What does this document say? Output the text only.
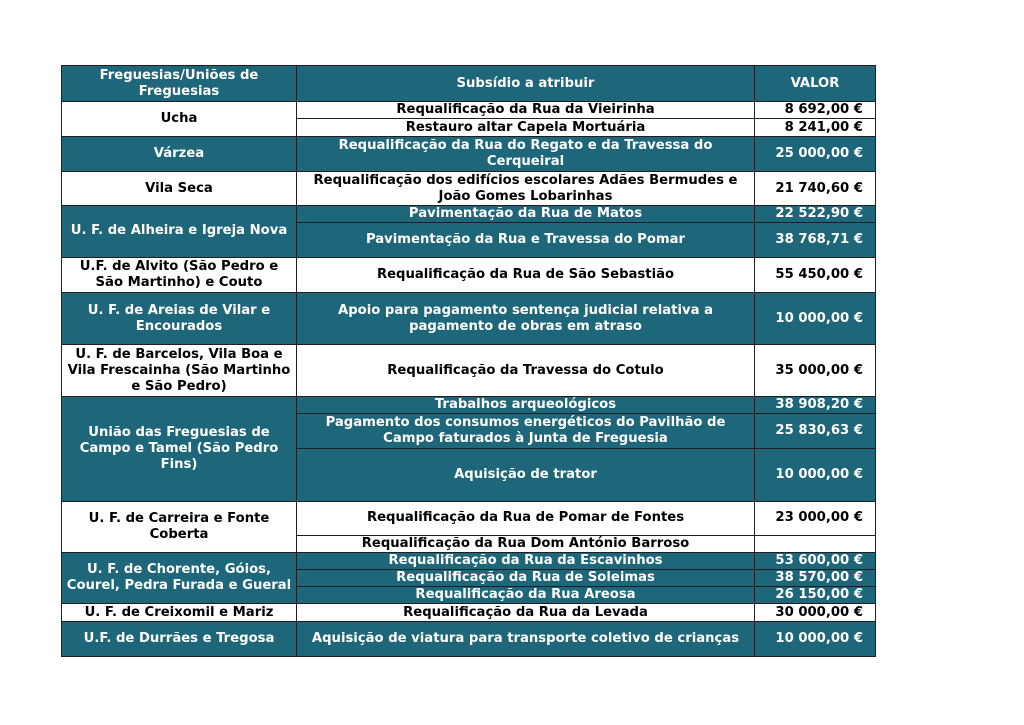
Freguesias/Uniões de Freguesias	Subsídio a atribuir	VALOR
Ucha	Requalificação da Rua da Vieirinha	8 692,00 €
	Restauro altar Capela Mortuária	8 241,00 €
Várzea	Requalificação da Rua do Regato e da Travessa do Cerqueiral	25 000,00 €
Vila Seca	Requalificação dos edifícios escolares Adães Bermudes e João Gomes Lobarinhas	21 740,60 €
U. F. de Alheira e Igreja Nova	Pavimentação da Rua de Matos	22 522,90 €
	Pavimentação da Rua e Travessa do Pomar	38 768,71 €
U.F. de Alvito (São Pedro e São Martinho) e Couto	Requalificação da Rua de São Sebastião	55 450,00 €
U. F. de Areias de Vilar e Encourados	Apoio para pagamento sentença judicial relativa a pagamento de obras em atraso	10 000,00 €
U. F. de Barcelos, Vila Boa e Vila Frescainha (São Martinho e São Pedro)	Requalificação da Travessa do Cotulo	35 000,00 €
União das Freguesias de Campo e Tamel (São Pedro Fins)	Trabalhos arqueológicos	38 908,20 €
	Pagamento dos consumos energéticos do Pavilhão de Campo faturados à Junta de Freguesia	25 830,63 €
	Aquisição de trator	10 000,00 €
U. F. de Carreira e Fonte Coberta	Requalificação da Rua de Pomar de Fontes	23 000,00 €
	Requalificação da Rua Dom António Barroso	
U. F. de Chorente, Góios, Courel, Pedra Furada e Gueral	Requalificação da Rua da Escavinhos	53 600,00 €
	Requalificação da Rua de Soleimas	38 570,00 €
	Requalificação da Rua Areosa	26 150,00 €
U. F. de Creixomil e Mariz	Requalificação da Rua da Levada	30 000,00 €
U.F. de Durrães e Tregosa	Aquisição de viatura para transporte coletivo de crianças	10 000,00 €
